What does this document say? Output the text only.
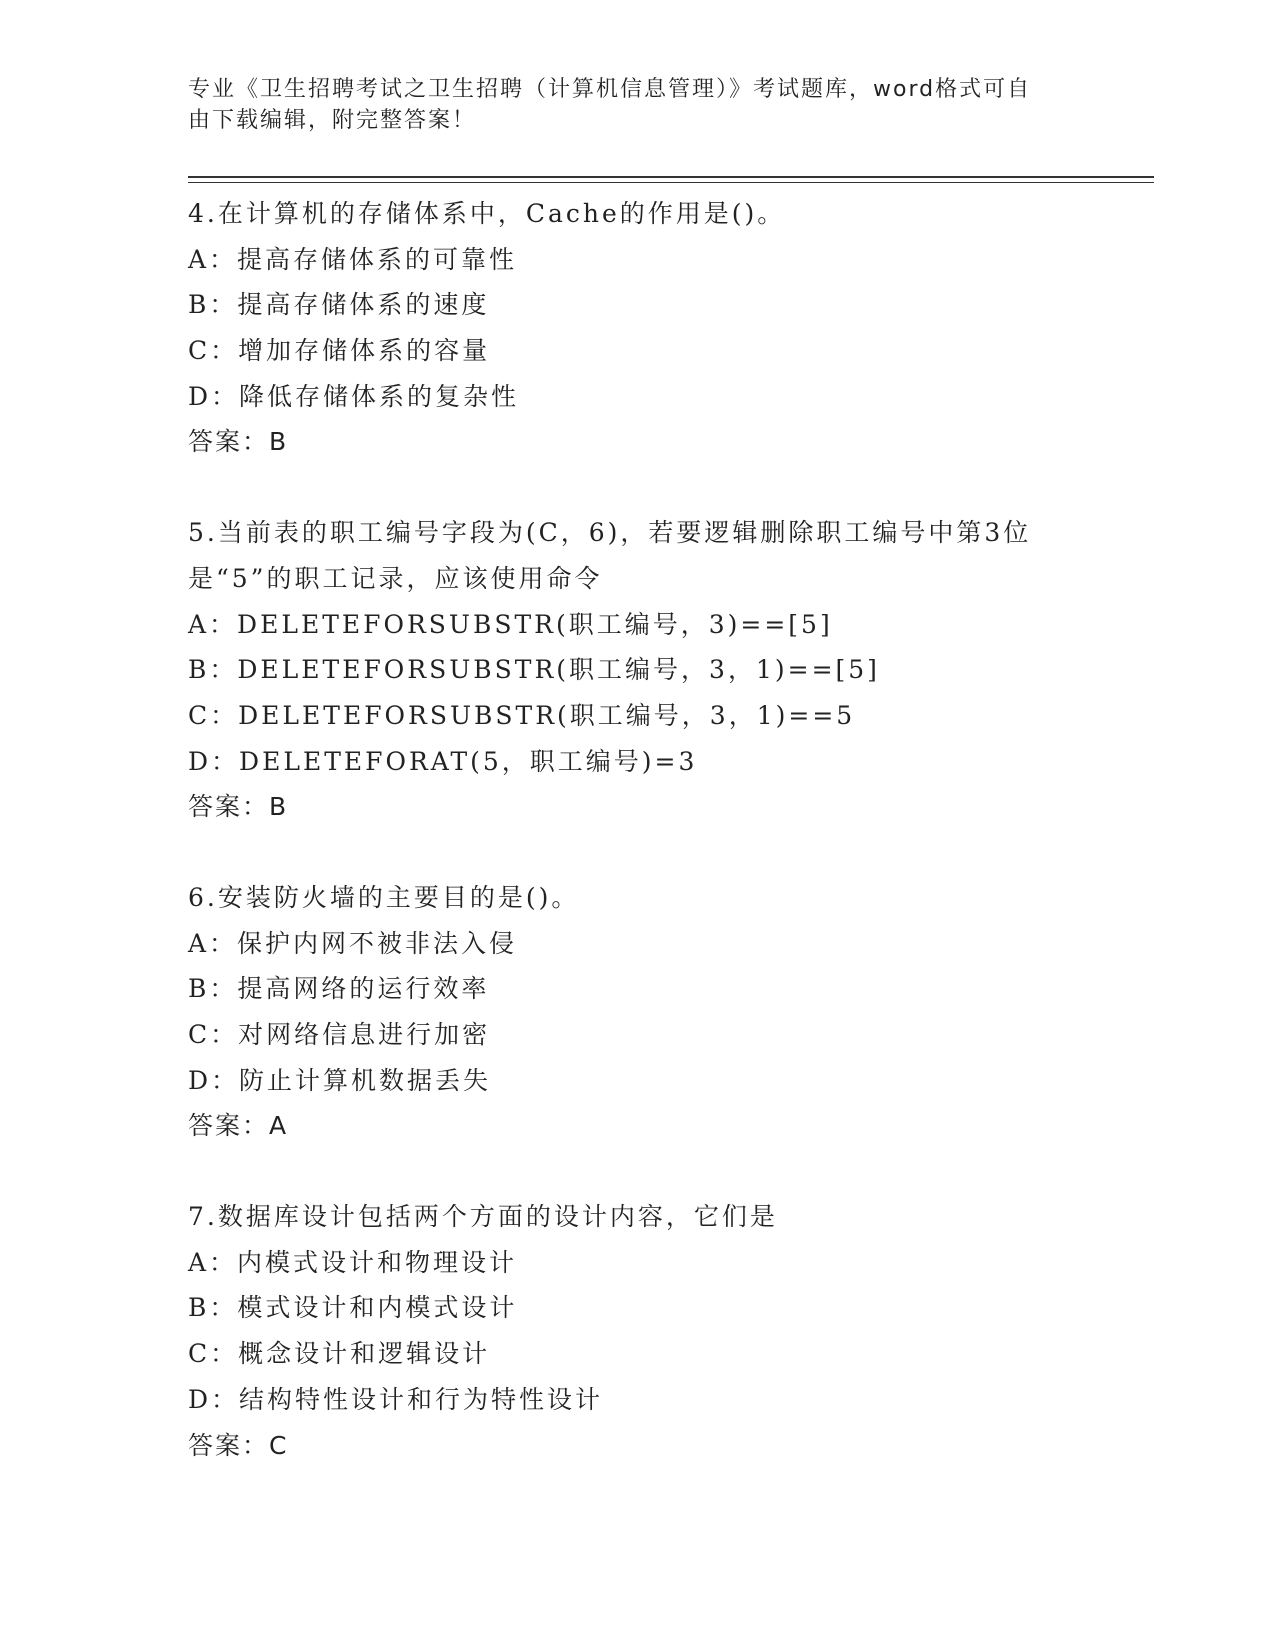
专业《卫生招聘考试之卫生招聘（计算机信息管理）》考试题库，word格式可自
由下载编辑，附完整答案！
4.在计算机的存储体系中，Cache的作用是()。
A：提高存储体系的可靠性
B：提高存储体系的速度
C：增加存储体系的容量
D：降低存储体系的复杂性
答案：B
5.当前表的职工编号字段为(C，6)，若要逻辑删除职工编号中第3位
是“5”的职工记录，应该使用命令
A：DELETEFORSUBSTR(职工编号，3)==[5]
B：DELETEFORSUBSTR(职工编号，3，1)==[5]
C：DELETEFORSUBSTR(职工编号，3，1)==5
D：DELETEFORAT(5，职工编号)=3
答案：B
6.安装防火墙的主要目的是()。
A：保护内网不被非法入侵
B：提高网络的运行效率
C：对网络信息进行加密
D：防止计算机数据丢失
答案：A
7.数据库设计包括两个方面的设计内容，它们是
A：内模式设计和物理设计
B：模式设计和内模式设计
C：概念设计和逻辑设计
D：结构特性设计和行为特性设计
答案：C
